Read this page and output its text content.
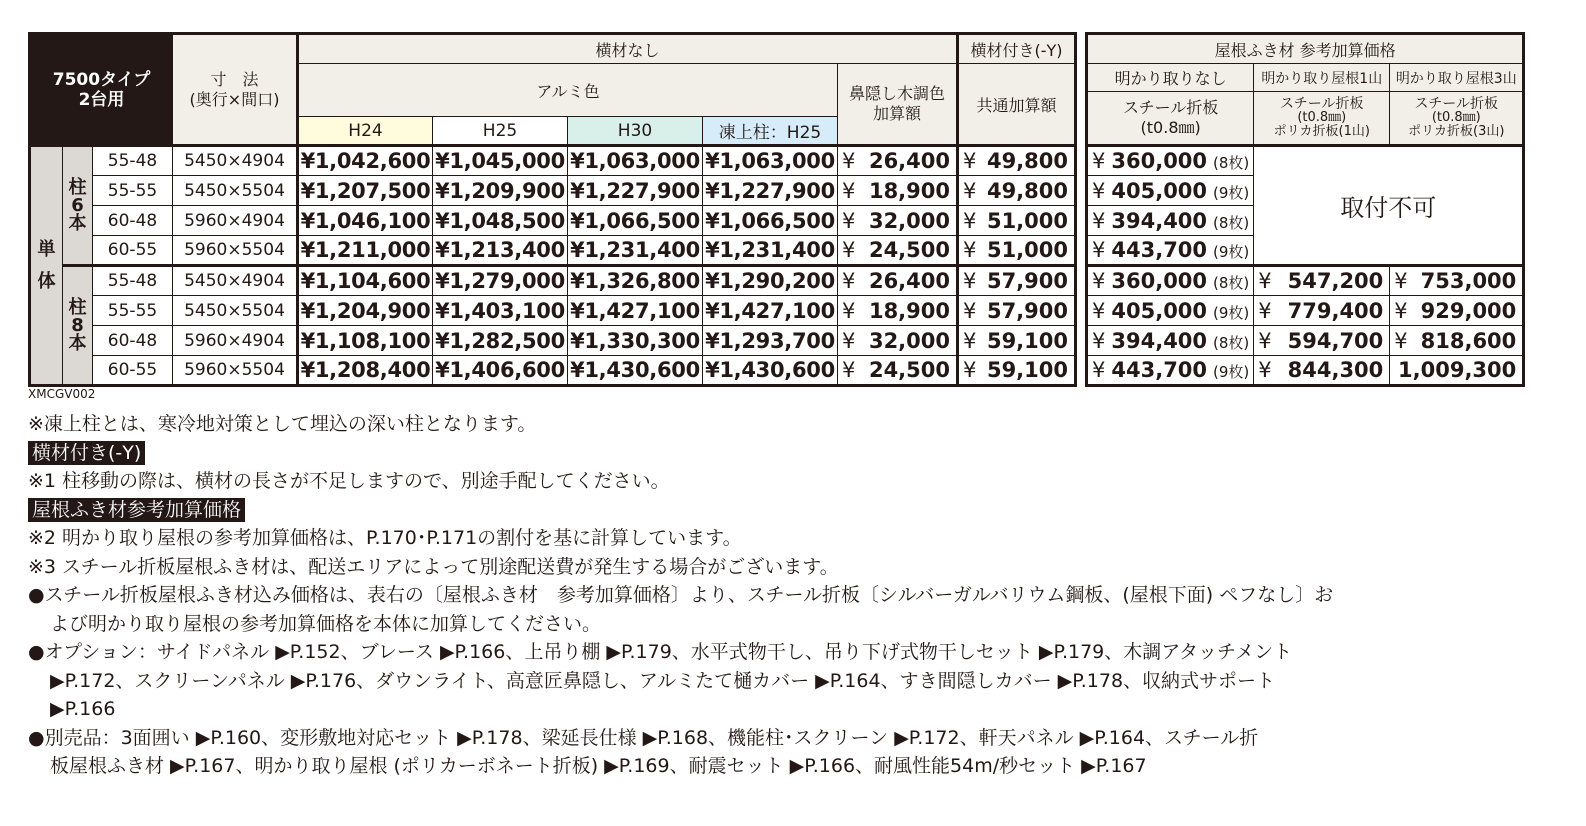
7500タイプ
2台用

寸　法
(奥行×間口)
	横材なし	横材付き(-Y)
				アルミ色				鼻隠し木調色
加算額	共通加算額
				H24	H25	H30	凍上柱：H25		

単
体

柱
6
本
	55-48	5450×4904	¥1,042,600	¥1,045,000	¥1,063,000	¥1,063,000	¥ 26,400	¥ 49,800

		55-55	5450×5504	¥1,207,500	¥1,209,900	¥1,227,900	¥1,227,900	¥ 18,900	¥ 49,800

		60-48	5960×4904	¥1,046,100	¥1,048,500	¥1,066,500	¥1,066,500	¥ 32,000	¥ 51,000

		60-55	5960×5504	¥1,211,000	¥1,213,400	¥1,231,400	¥1,231,400	¥ 24,500	¥ 51,000

柱
8
本
	55-48	5450×4904	¥1,104,600	¥1,279,000	¥1,326,800	¥1,290,200	¥ 26,400	¥ 57,900

		55-55	5450×5504	¥1,204,900	¥1,403,100	¥1,427,100	¥1,427,100	¥ 18,900	¥ 57,900

		60-48	5960×4904	¥1,108,100	¥1,282,500	¥1,330,300	¥1,293,700	¥ 32,000	¥ 59,100

		60-55	5960×5504	¥1,208,400	¥1,406,600	¥1,430,600	¥1,430,600	¥ 24,500	¥ 59,100
屋根ふき材 参考加算価格		
明かり取りなし	明かり取り屋根1山	明かり取り屋根3山

スチール折板
(t0.8㎜)

スチール折板
(t0.8㎜)
ポリカ折板(1山)

スチール折板
(t0.8㎜)
ポリカ折板(3山)

¥ 360,000 (8枚)	取付不可	

¥ 405,000 (9枚)		

¥ 394,400 (8枚)		

¥ 443,700 (9枚)		

¥ 360,000 (8枚)	¥ 547,200	¥ 753,000

¥ 405,000 (9枚)	¥ 779,400	¥ 929,000

¥ 394,400 (8枚)	¥ 594,700	¥ 818,600

¥ 443,700 (9枚)	¥ 844,300	1,009,300
XMCGV002
※凍上柱とは、寒冷地対策として埋込の深い柱となります。
横材付き(-Y)
※1 柱移動の際は、横材の長さが不足しますので、別途手配してください。
屋根ふき材参考加算価格
※2 明かり取り屋根の参考加算価格は、P.170･P.171の割付を基に計算しています。
※3 スチール折板屋根ふき材は、配送エリアによって別途配送費が発生する場合がございます。
●スチール折板屋根ふき材込み価格は、表右の〔屋根ふき材　参考加算価格〕より、スチール折板〔シルバーガルバリウム鋼板、(屋根下面) ペフなし〕お
よび明かり取り屋根の参考加算価格を本体に加算してください。
●オプション：サイドパネル ▶P.152、ブレース ▶P.166、上吊り棚 ▶P.179、水平式物干し、吊り下げ式物干しセット ▶P.179、木調アタッチメント
▶P.172、スクリーンパネル ▶P.176、ダウンライト、高意匠鼻隠し、アルミたて樋カバー ▶P.164、すき間隠しカバー ▶P.178、収納式サポート
▶P.166
●別売品：3面囲い ▶P.160、変形敷地対応セット ▶P.178、梁延長仕様 ▶P.168、機能柱･スクリーン ▶P.172、軒天パネル ▶P.164、スチール折
板屋根ふき材 ▶P.167、明かり取り屋根 (ポリカーボネート折板) ▶P.169、耐震セット ▶P.166、耐風性能54m/秒セット ▶P.167
